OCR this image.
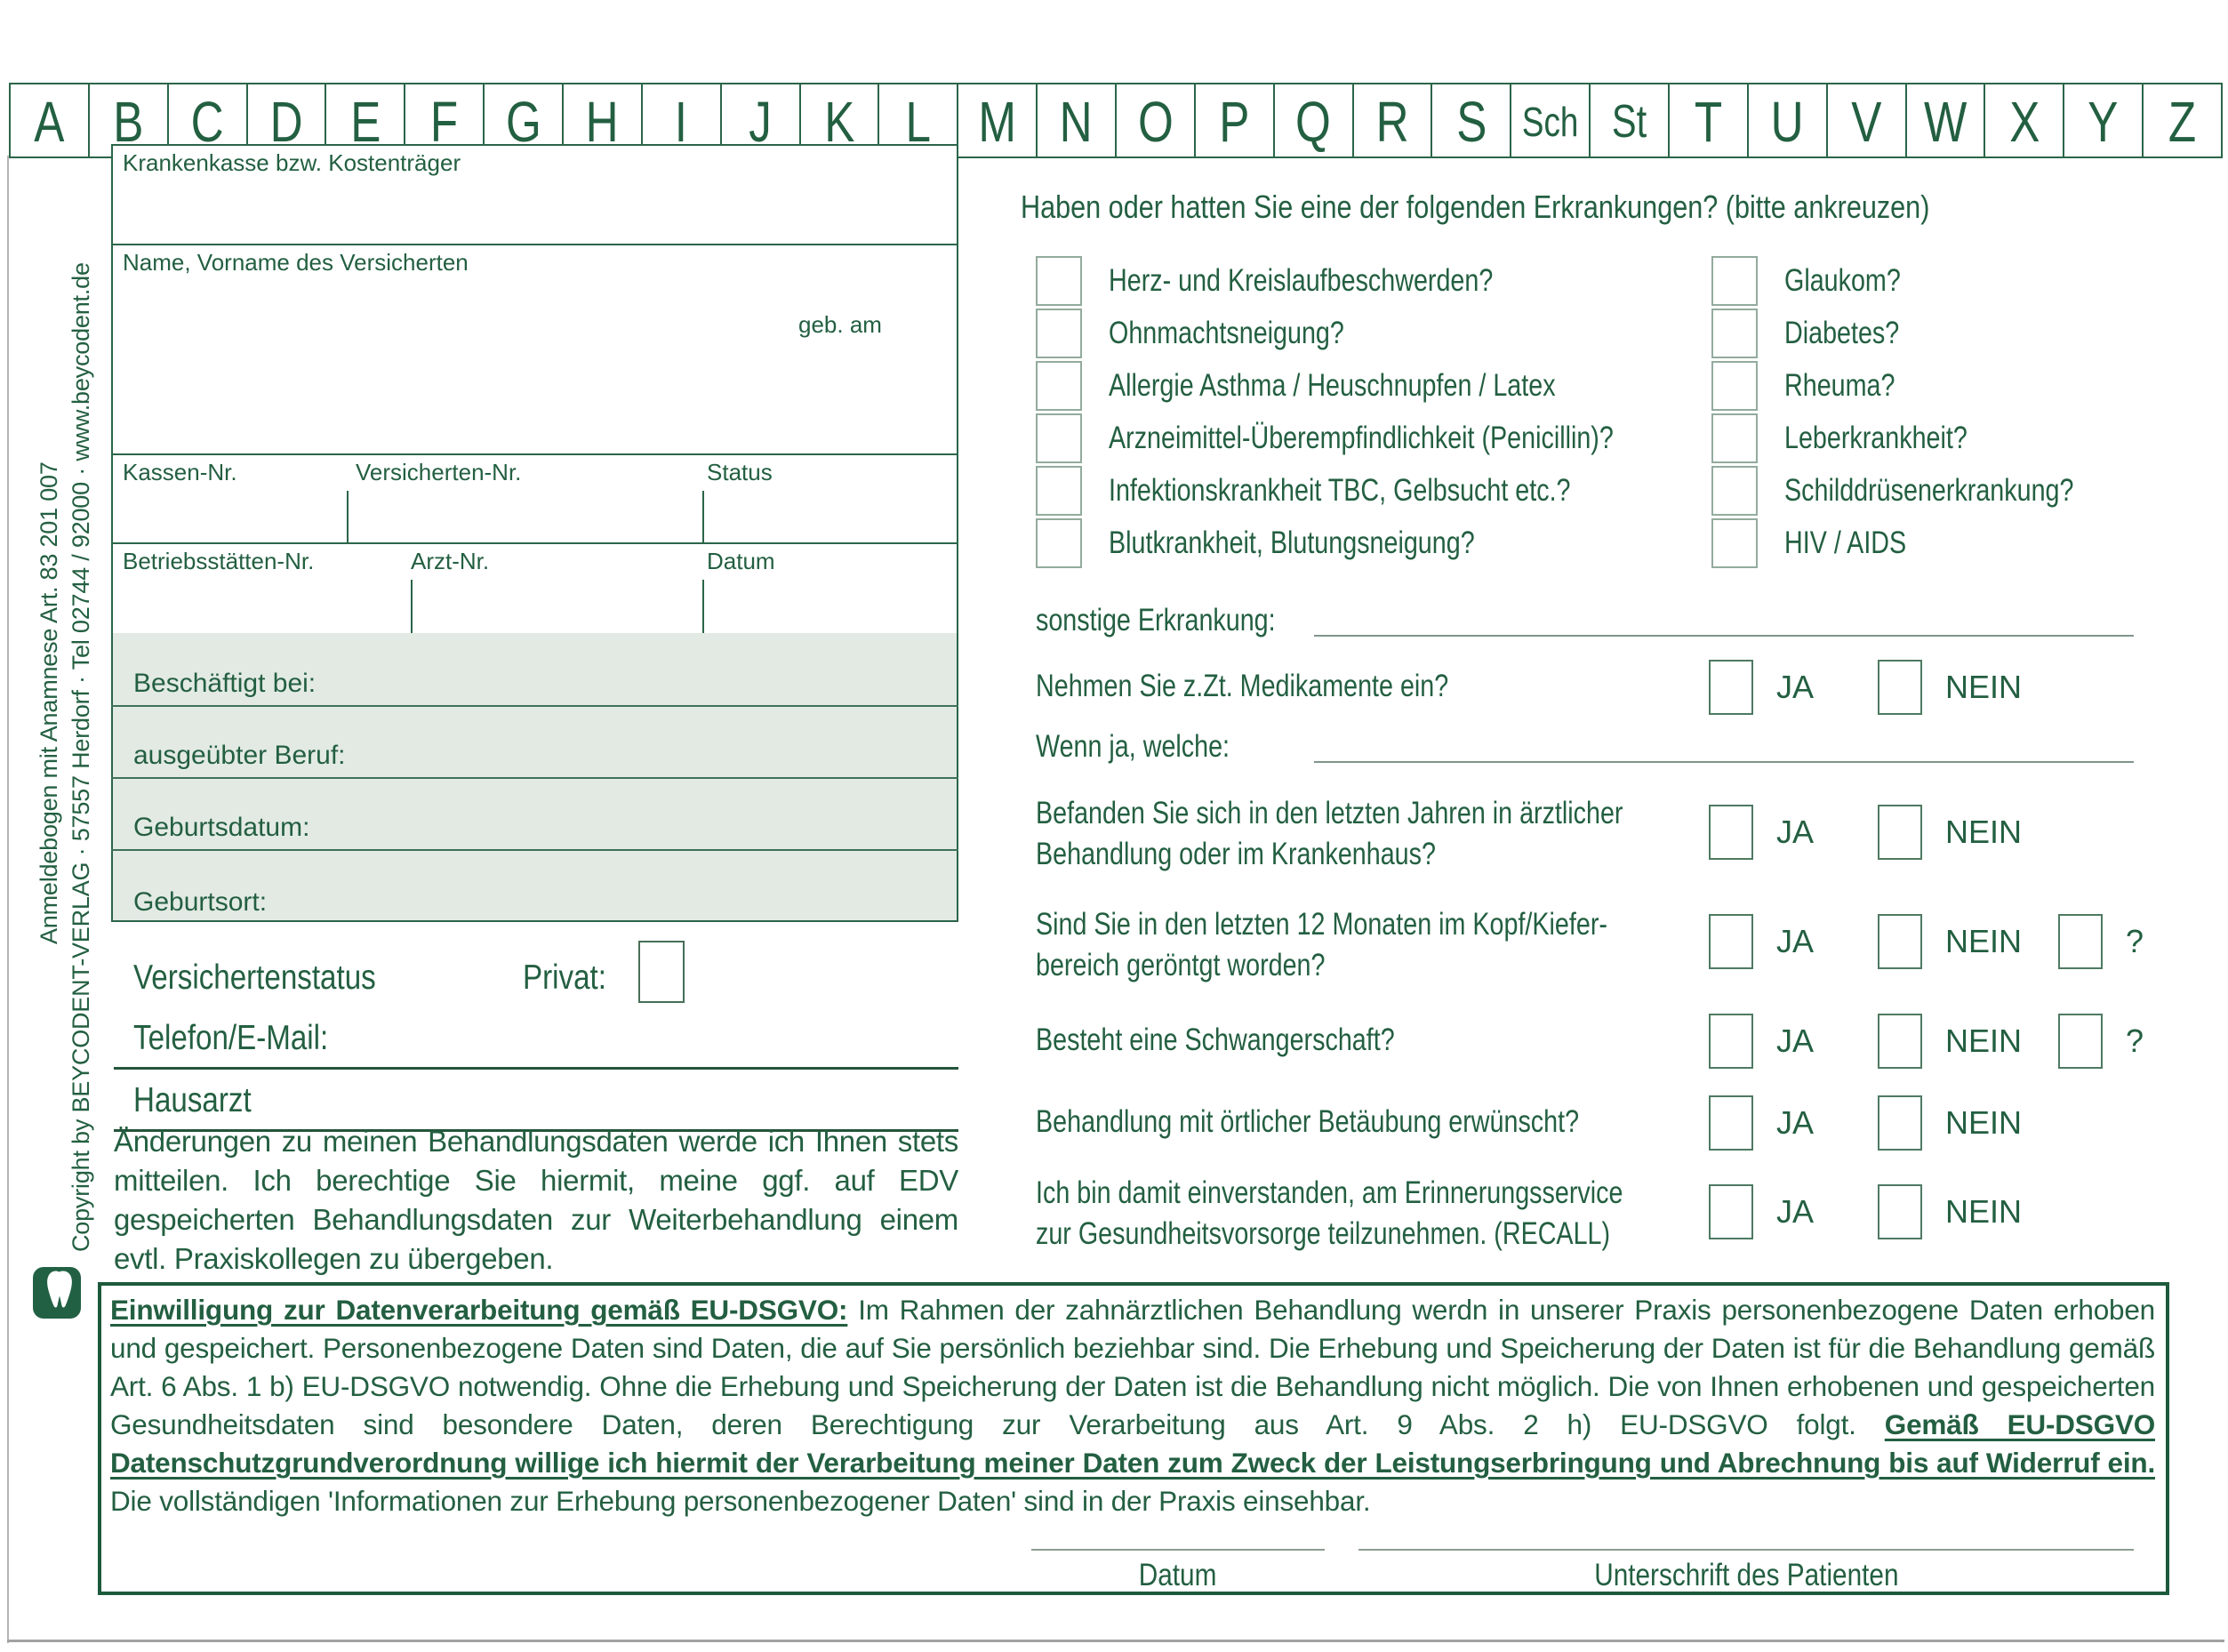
A B C D E F G H I J K L M N O P Q R S Sch St T U V W X Y Z
Krankenkasse bzw. Kostenträger
Name, Vorname des Versicherten
geb. am
Kassen-Nr.	Versicherten-Nr.	Status
Betriebsstätten-Nr.	Arzt-Nr.	Datum
Beschäftigt bei:
ausgeübter Beruf:
Geburtsdatum:
Geburtsort:
Versichertenstatus	Privat:
Telefon/E-Mail:
Hausarzt
Änderungen zu meinen Behandlungsdaten werde ich Ihnen stets mitteilen. Ich berechtige Sie hiermit, meine ggf. auf EDV gespeicherten Behandlungsdaten zur Weiterbehandlung einem evtl. Praxiskollegen zu übergeben.
Haben oder hatten Sie eine der folgenden Erkrankungen? (bitte ankreuzen)
Herz- und Kreislaufbeschwerden?
Ohnmachtsneigung?
Allergie Asthma / Heuschnupfen / Latex
Arzneimittel-Überempfindlichkeit (Penicillin)?
Infektionskrankheit TBC, Gelbsucht etc.?
Blutkrankheit, Blutungsneigung?
Glaukom?
Diabetes?
Rheuma?
Leberkrankheit?
Schilddrüsenerkrankung?
HIV / AIDS
sonstige Erkrankung:
Nehmen Sie z.Zt. Medikamente ein?	JA	NEIN
Wenn ja, welche:
Befanden Sie sich in den letzten Jahren in ärztlicher
Behandlung oder im Krankenhaus?
JA	NEIN
Sind Sie in den letzten 12 Monaten im Kopf/Kiefer-
bereich geröntgt worden?
JA	NEIN	?
Besteht eine Schwangerschaft?	JA	NEIN	?
Behandlung mit örtlicher Betäubung erwünscht?	JA	NEIN
Ich bin damit einverstanden, am Erinnerungsservice
zur Gesundheitsvorsorge teilzunehmen. (RECALL)
JA	NEIN
Einwilligung zur Datenverarbeitung gemäß EU-DSGVO: Im Rahmen der zahnärztlichen Behandlung werdn in unserer Praxis personenbezogene Daten erhoben und gespeichert. Personenbezogene Daten sind Daten, die auf Sie persönlich beziehbar sind. Die Erhebung und Speicherung der Daten ist für die Behandlung gemäß Art. 6 Abs. 1 b) EU-DSGVO notwendig. Ohne die Erhebung und Speicherung der Daten ist die Behandlung nicht möglich. Die von Ihnen erhobenen und gespeicherten Gesundheitsdaten sind besondere Daten, deren Berechtigung zur Verarbeitung aus Art. 9 Abs. 2 h) EU-DSGVO folgt. Gemäß EU-DSGVO Datenschutzgrundverordnung willige ich hiermit der Verarbeitung meiner Daten zum Zweck der Leistungserbringung und Abrechnung bis auf Widerruf ein. Die vollständigen 'Informationen zur Erhebung personenbezogener Daten' sind in der Praxis einsehbar.
Datum	Unterschrift des Patienten
Anmeldebogen mit Anamnese Art. 83 201 007 Copyright by BEYCODENT-VERLAG · 57557 Herdorf · Tel 02744 / 92000 · www.beycodent.de
